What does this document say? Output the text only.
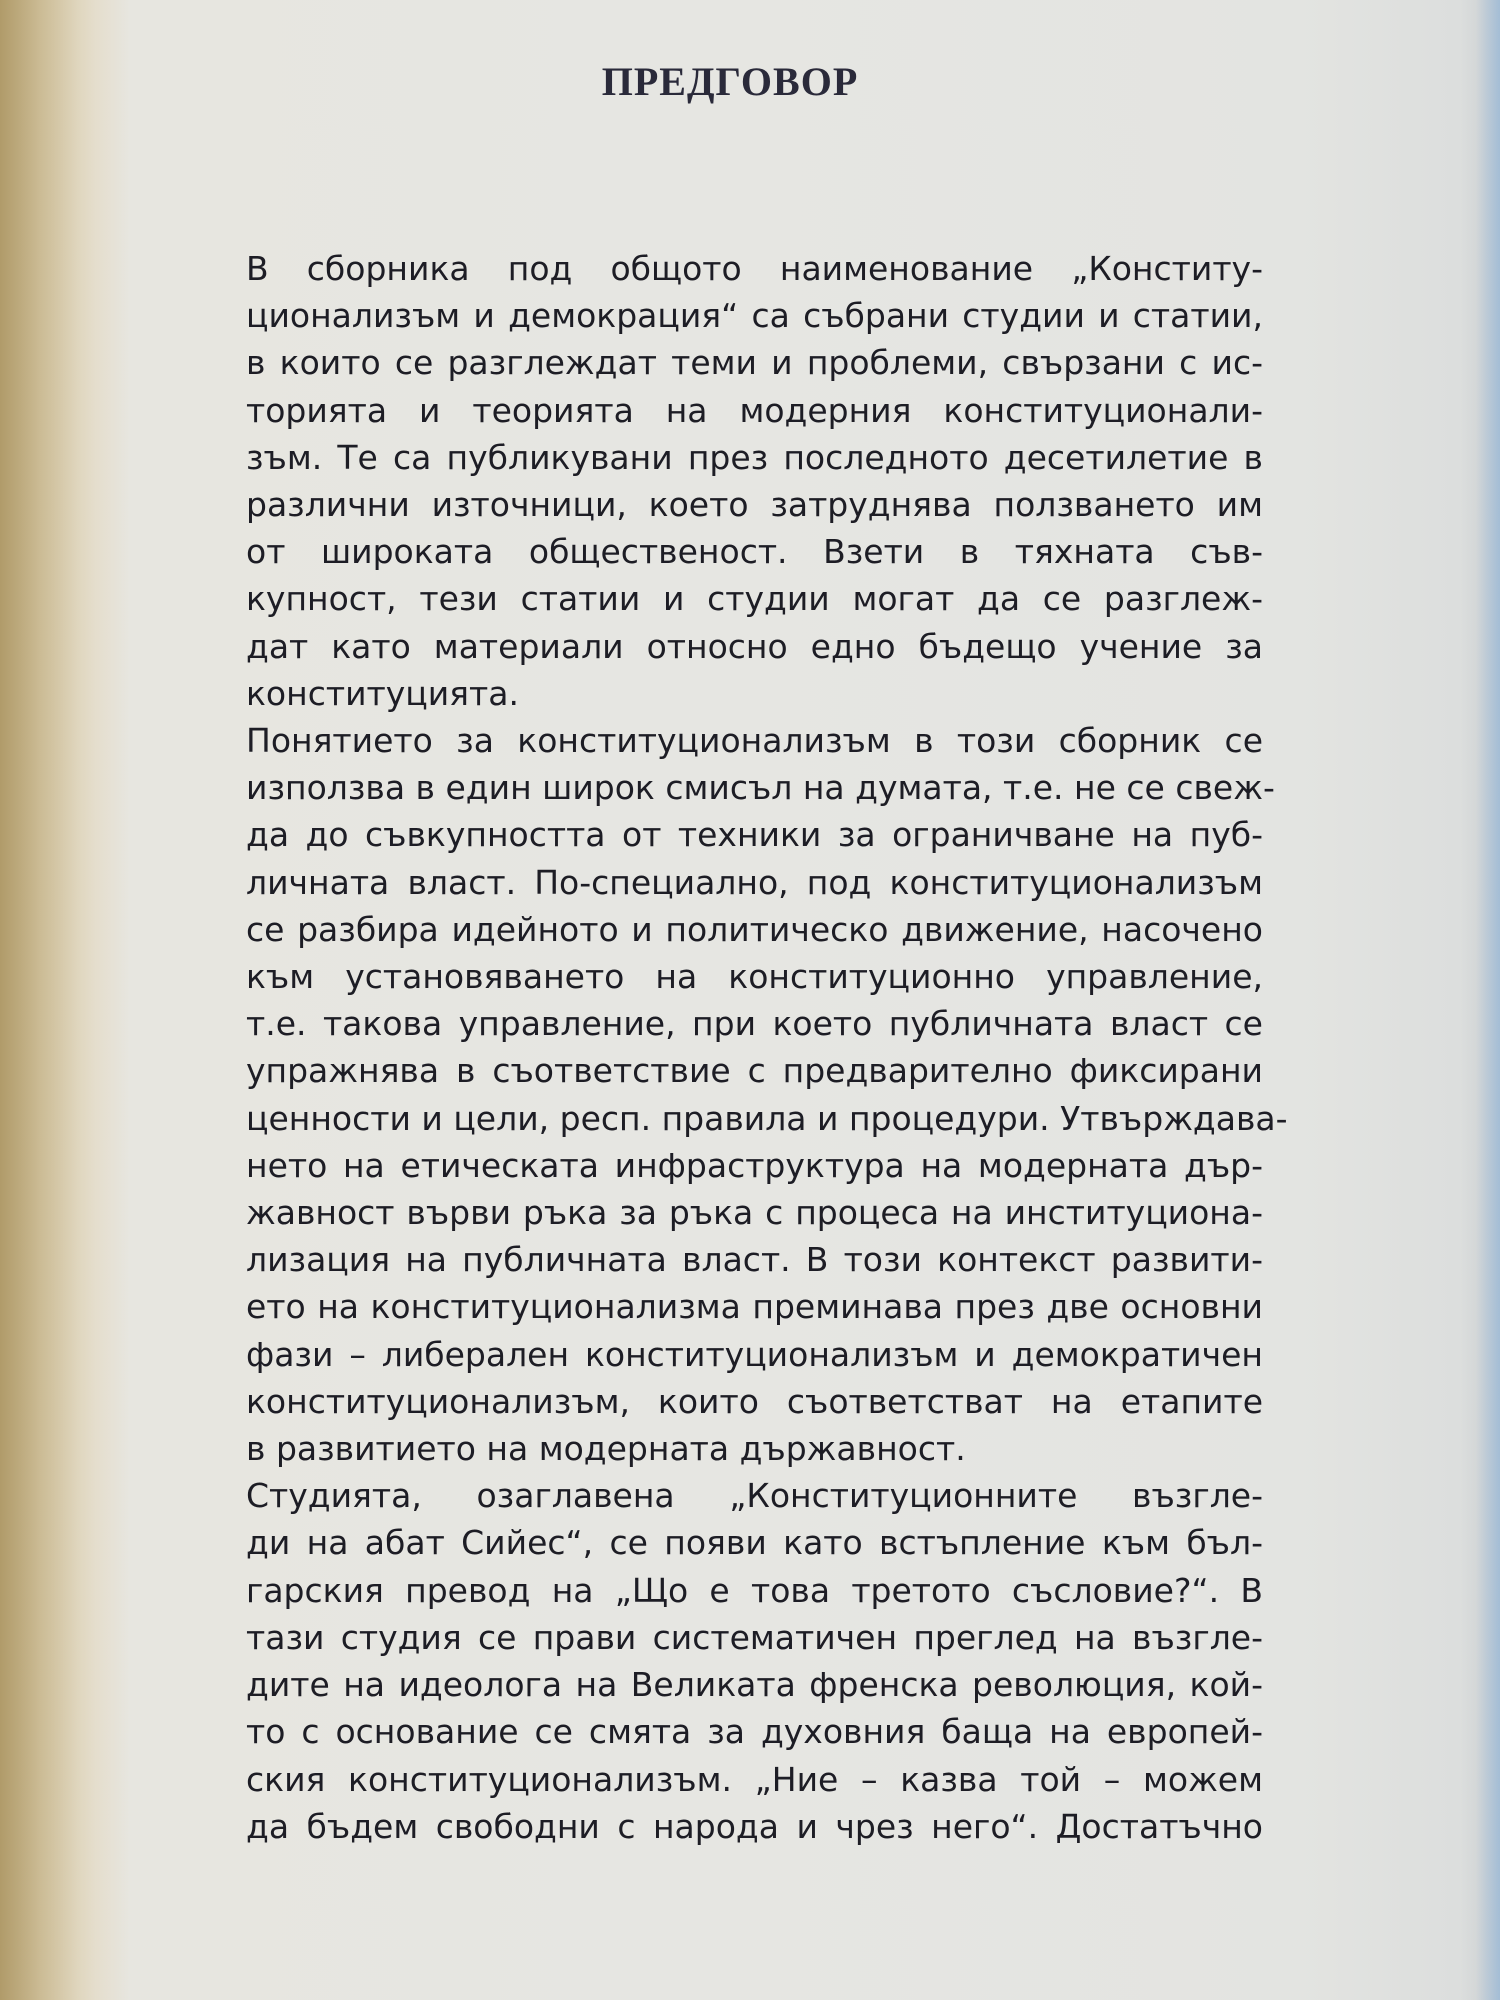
ПРЕДГОВОР

В сборника под общото наименование „Конститу-
ционализъм и демокрация“ са събрани студии и статии,
в които се разглеждат теми и проблеми, свързани с ис-
торията и теорията на модерния конституционали-
зъм. Те са публикувани през последното десетилетие в
различни източници, което затруднява ползването им
от широката общественост. Взети в тяхната съв-
купност, тези статии и студии могат да се разглеж-
дат като материали относно едно бъдещо учение за
конституцията.

Понятието за конституционализъм в този сборник се
използва в един широк смисъл на думата, т.е. не се свеж-
да до съвкупността от техники за ограничване на пуб-
личната власт. По-специално, под конституционализъм
се разбира идейното и политическо движение, насочено
към установяването на конституционно управление,
т.е. такова управление, при което публичната власт се
упражнява в съответствие с предварително фиксирани
ценности и цели, респ. правила и процедури. Утвърждава-
нето на етическата инфраструктура на модерната дър-
жавност върви ръка за ръка с процеса на институциона-
лизация на публичната власт. В този контекст развити-
ето на конституционализма преминава през две основни
фази – либерален конституционализъм и демократичен
конституционализъм, които съответстват на етапите
в развитието на модерната държавност.

Студията, озаглавена „Конституционните възгле-
ди на абат Сийес“, се появи като встъпление към бъл-
гарския превод на „Що е това третото съсловие?“. В
тази студия се прави систематичен преглед на възгле-
дите на идеолога на Великата френска революция, кой-
то с основание се смята за духовния баща на европей-
ския конституционализъм. „Ние – казва той – можем
да бъдем свободни с народа и чрез него“. Достатъчно
